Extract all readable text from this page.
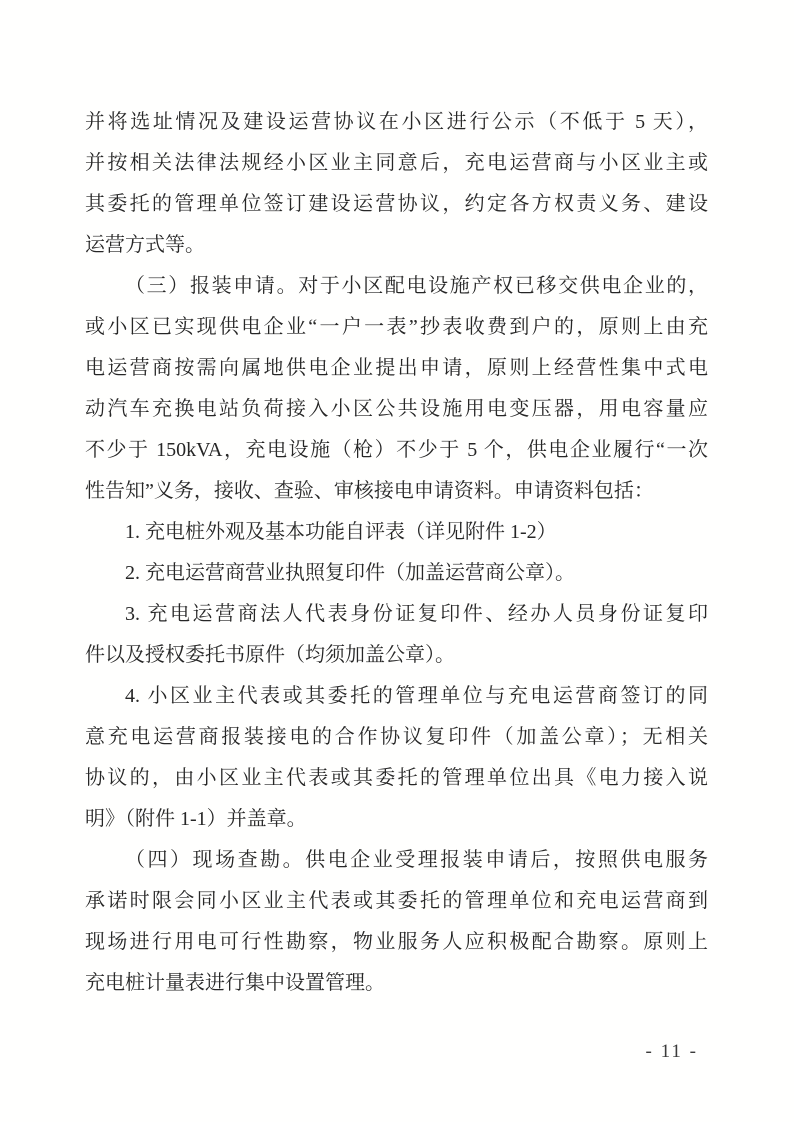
并将选址情况及建设运营协议在小区进行公示（不低于 5 天），
并按相关法律法规经小区业主同意后，充电运营商与小区业主或
其委托的管理单位签订建设运营协议，约定各方权责义务、建设
运营方式等。
（三）报装申请。对于小区配电设施产权已移交供电企业的，
或小区已实现供电企业“一户一表”抄表收费到户的，原则上由充
电运营商按需向属地供电企业提出申请，原则上经营性集中式电
动汽车充换电站负荷接入小区公共设施用电变压器，用电容量应
不少于 150kVA，充电设施（枪）不少于 5 个，供电企业履行“一次
性告知”义务，接收、查验、审核接电申请资料。申请资料包括：
1. 充电桩外观及基本功能自评表（详见附件 1-2）
2. 充电运营商营业执照复印件（加盖运营商公章）。
3. 充电运营商法人代表身份证复印件、经办人员身份证复印
件以及授权委托书原件（均须加盖公章）。
4. 小区业主代表或其委托的管理单位与充电运营商签订的同
意充电运营商报装接电的合作协议复印件（加盖公章）；无相关
协议的，由小区业主代表或其委托的管理单位出具《电力接入说
明》（附件 1-1）并盖章。
（四）现场查勘。供电企业受理报装申请后，按照供电服务
承诺时限会同小区业主代表或其委托的管理单位和充电运营商到
现场进行用电可行性勘察，物业服务人应积极配合勘察。原则上
充电桩计量表进行集中设置管理。
- 11 -
